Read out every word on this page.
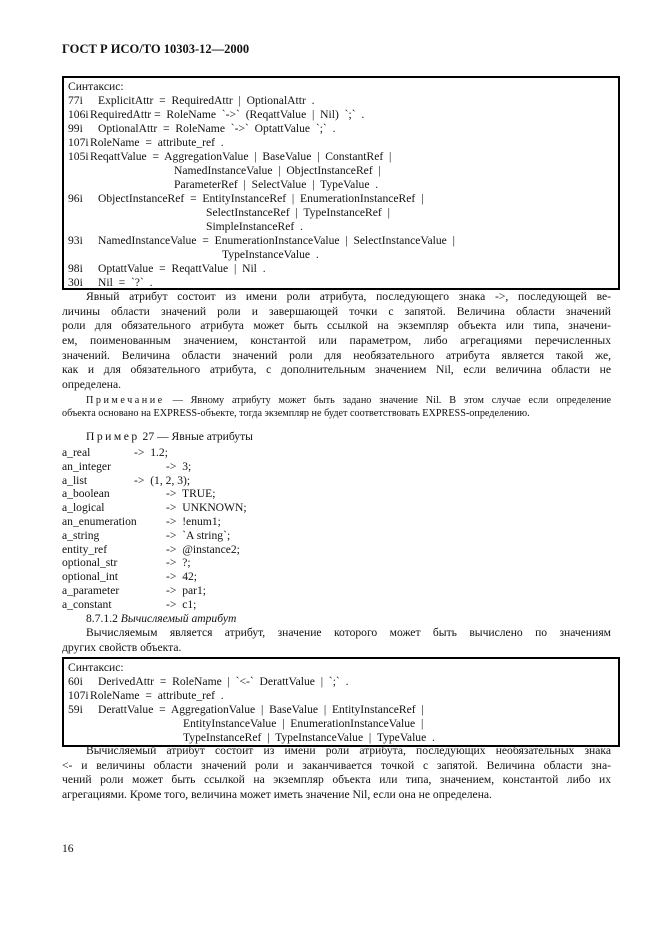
ГОСТ Р ИСО/ТО 10303-12—2000
Синтаксис:
77i ExplicitAttr  =  RequiredAttr  |  OptionalAttr  .
106i RequiredAttr =  RoleName  `->`  (ReqattValue  |  Nil)  `;`  .
99i OptionalAttr  =  RoleName  `->`  OptattValue  `;`  .
107i RoleName  =  attribute_ref  .
105i ReqattValue  =  AggregationValue  |  BaseValue  |  ConstantRef  |
NamedInstanceValue  |  ObjectInstanceRef  |
ParameterRef  |  SelectValue  |  TypeValue  .
96i ObjectInstanceRef  =  EntityInstanceRef  |  EnumerationInstanceRef  |
SelectInstanceRef  |  TypeInstanceRef  |
SimpleInstanceRef  .
93i NamedInstanceValue  =  EnumerationInstanceValue  |  SelectInstanceValue  |
TypeInstanceValue  .
98i OptattValue  =  ReqattValue  |  Nil  .
30i Nil  =  `?`  .
Явный атрибут состоит из имени роли атрибута, последующего знака ->, последующей ве-
личины области значений роли и завершающей точки с запятой. Величина области значений
роли для обязательного атрибута может быть ссылкой на экземпляр объекта или типа, значени-
ем, поименованным значением, константой или параметром, либо агрегациями перечисленных
значений. Величина области значений роли для необязательного атрибута является такой же,
как и для обязательного атрибута, с дополнительным значением Nil, если величина области не
определена.
Примечание — Явному атрибуту может быть задано значение Nil. В этом случае если определение
объекта основано на EXPRESS-объекте, тогда экземпляр не будет соответствовать EXPRESS-определению.
Пример 27 — Явные атрибуты
a_real	->  1.2;
an_integer	->  3;
a_list	->  (1, 2, 3);
a_boolean	->  TRUE;
a_logical	->  UNKNOWN;
an_enumeration	->  !enum1;
a_string	->  `A string`;
entity_ref	->  @instance2;
optional_str	->  ?;
optional_int	->  42;
a_parameter	->  par1;
a_constant	->  c1;
8.7.1.2 Вычисляемый атрибут
Вычисляемым является атрибут, значение которого может быть вычислено по значениям
других свойств объекта.
Синтаксис:
60i DerivedAttr  =  RoleName  |  `<-`  DerattValue  |  `;`  .
107i RoleName  =  attribute_ref  .
59i DerattValue  =  AggregationValue  |  BaseValue  |  EntityInstanceRef  |
EntityInstanceValue  |  EnumerationInstanceValue  |
TypeInstanceRef  |  TypeInstanceValue  |  TypeValue  .
Вычисляемый атрибут состоит из имени роли атрибута, последующих необязательных знака
<- и величины области значений роли и заканчивается точкой с запятой. Величина области зна-
чений роли может быть ссылкой на экземпляр объекта или типа, значением, константой либо их
агрегациями. Кроме того, величина может иметь значение Nil, если она не определена.
16
